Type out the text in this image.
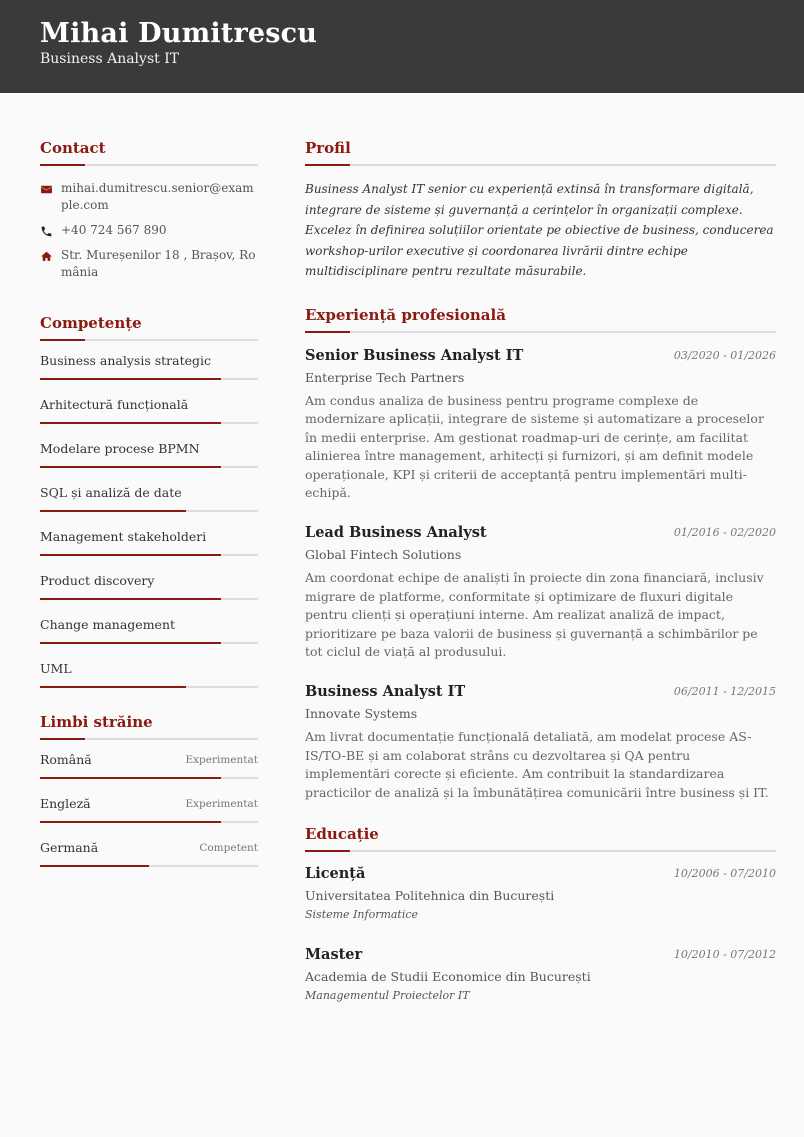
Mihai Dumitrescu
Business Analyst IT
Contact
mihai.dumitrescu.senior@example.com
+40 724 567 890
Str. Mureșenilor 18 , Brașov, România
Competențe
Business analysis strategic
Arhitectură funcțională
Modelare procese BPMN
SQL și analiză de date
Management stakeholderi
Product discovery
Change management
UML
Limbi străine
Română	Experimentat
Engleză	Experimentat
Germană	Competent
Profil
Business Analyst IT senior cu experiență extinsă în transformare digitală, integrare de sisteme și guvernanță a cerințelor în organizații complexe. Excelez în definirea soluțiilor orientate pe obiective de business, conducerea workshop-urilor executive și coordonarea livrării dintre echipe multidisciplinare pentru rezultate măsurabile.
Experiență profesională
Senior Business Analyst IT	03/2020 - 01/2026
Enterprise Tech Partners
Am condus analiza de business pentru programe complexe de modernizare aplicații, integrare de sisteme și automatizare a proceselor în medii enterprise. Am gestionat roadmap-uri de cerințe, am facilitat alinierea între management, arhitecți și furnizori, și am definit modele operaționale, KPI și criterii de acceptanță pentru implementări multi-echipă.
Lead Business Analyst	01/2016 - 02/2020
Global Fintech Solutions
Am coordonat echipe de analiști în proiecte din zona financiară, inclusiv migrare de platforme, conformitate și optimizare de fluxuri digitale pentru clienți și operațiuni interne. Am realizat analiză de impact, prioritizare pe baza valorii de business și guvernanță a schimbărilor pe tot ciclul de viață al produsului.
Business Analyst IT	06/2011 - 12/2015
Innovate Systems
Am livrat documentație funcțională detaliată, am modelat procese AS-IS/TO-BE și am colaborat strâns cu dezvoltarea și QA pentru implementări corecte și eficiente. Am contribuit la standardizarea practicilor de analiză și la îmbunătățirea comunicării între business și IT.
Educație
Licență	10/2006 - 07/2010
Universitatea Politehnica din București
Sisteme Informatice
Master	10/2010 - 07/2012
Academia de Studii Economice din București
Managementul Proiectelor IT
